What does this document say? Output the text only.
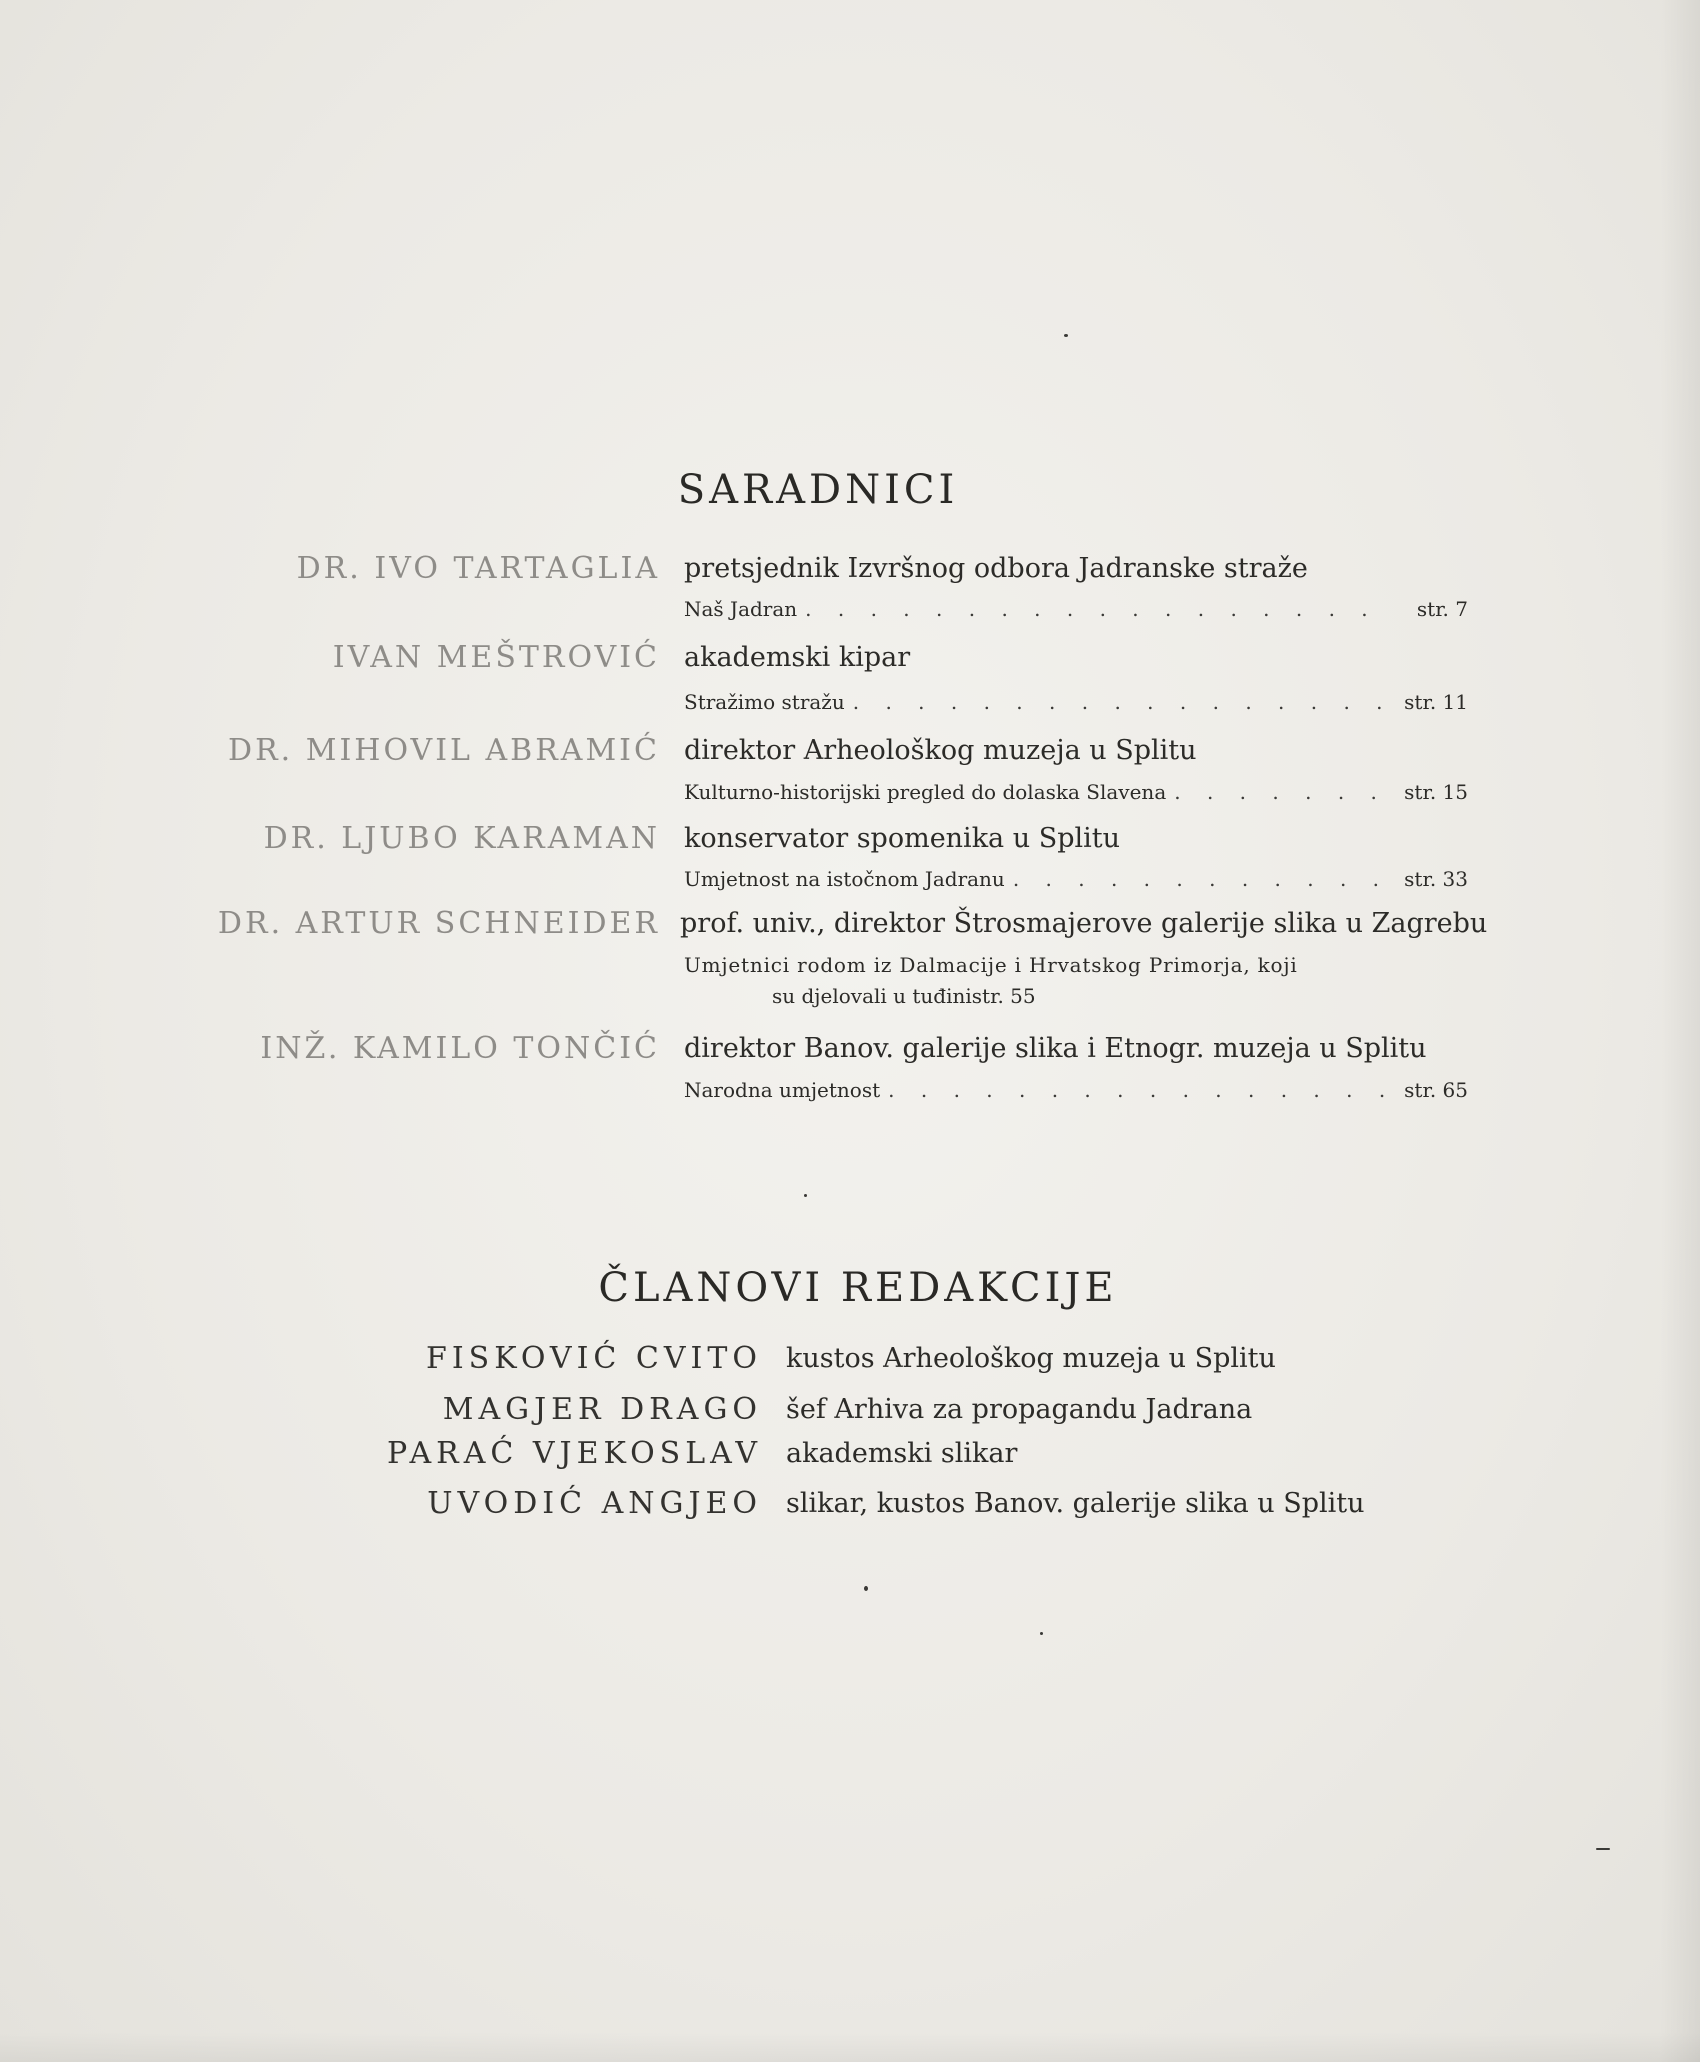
SARADNICI
DR. IVO TARTAGLIA pretsjednik Izvršnog odbora Jadranske straže
Naš Jadran . . .	str. 7
IVAN MEŠTROVIĆ akademski kipar
Stražimo stražu . . .	str. 11
DR. MIHOVIL ABRAMIĆ direktor Arheološkog muzeja u Splitu
Kulturno-historijski pregled do dolaska Slavena . . .	str. 15
DR. LJUBO KARAMAN konservator spomenika u Splitu
Umjetnost na istočnom Jadranu . . .	str. 33
DR. ARTUR SCHNEIDER prof. univ., direktor Štrosmajerove galerije slika u Zagrebu
Umjetnici rodom iz Dalmacije i Hrvatskog Primorja, koji
su djelovali u tuđini str. 55
INŽ. KAMILO TONČIĆ direktor Banov. galerije slika i Etnogr. muzeja u Splitu
Narodna umjetnost . . .	str. 65
ČLANOVI REDAKCIJE
FISKOVIĆ CVITO kustos Arheološkog muzeja u Splitu
MAGJER DRAGO šef Arhiva za propagandu Jadrana
PARAĆ VJEKOSLAV akademski slikar
UVODIĆ ANGJEO slikar, kustos Banov. galerije slika u Splitu
